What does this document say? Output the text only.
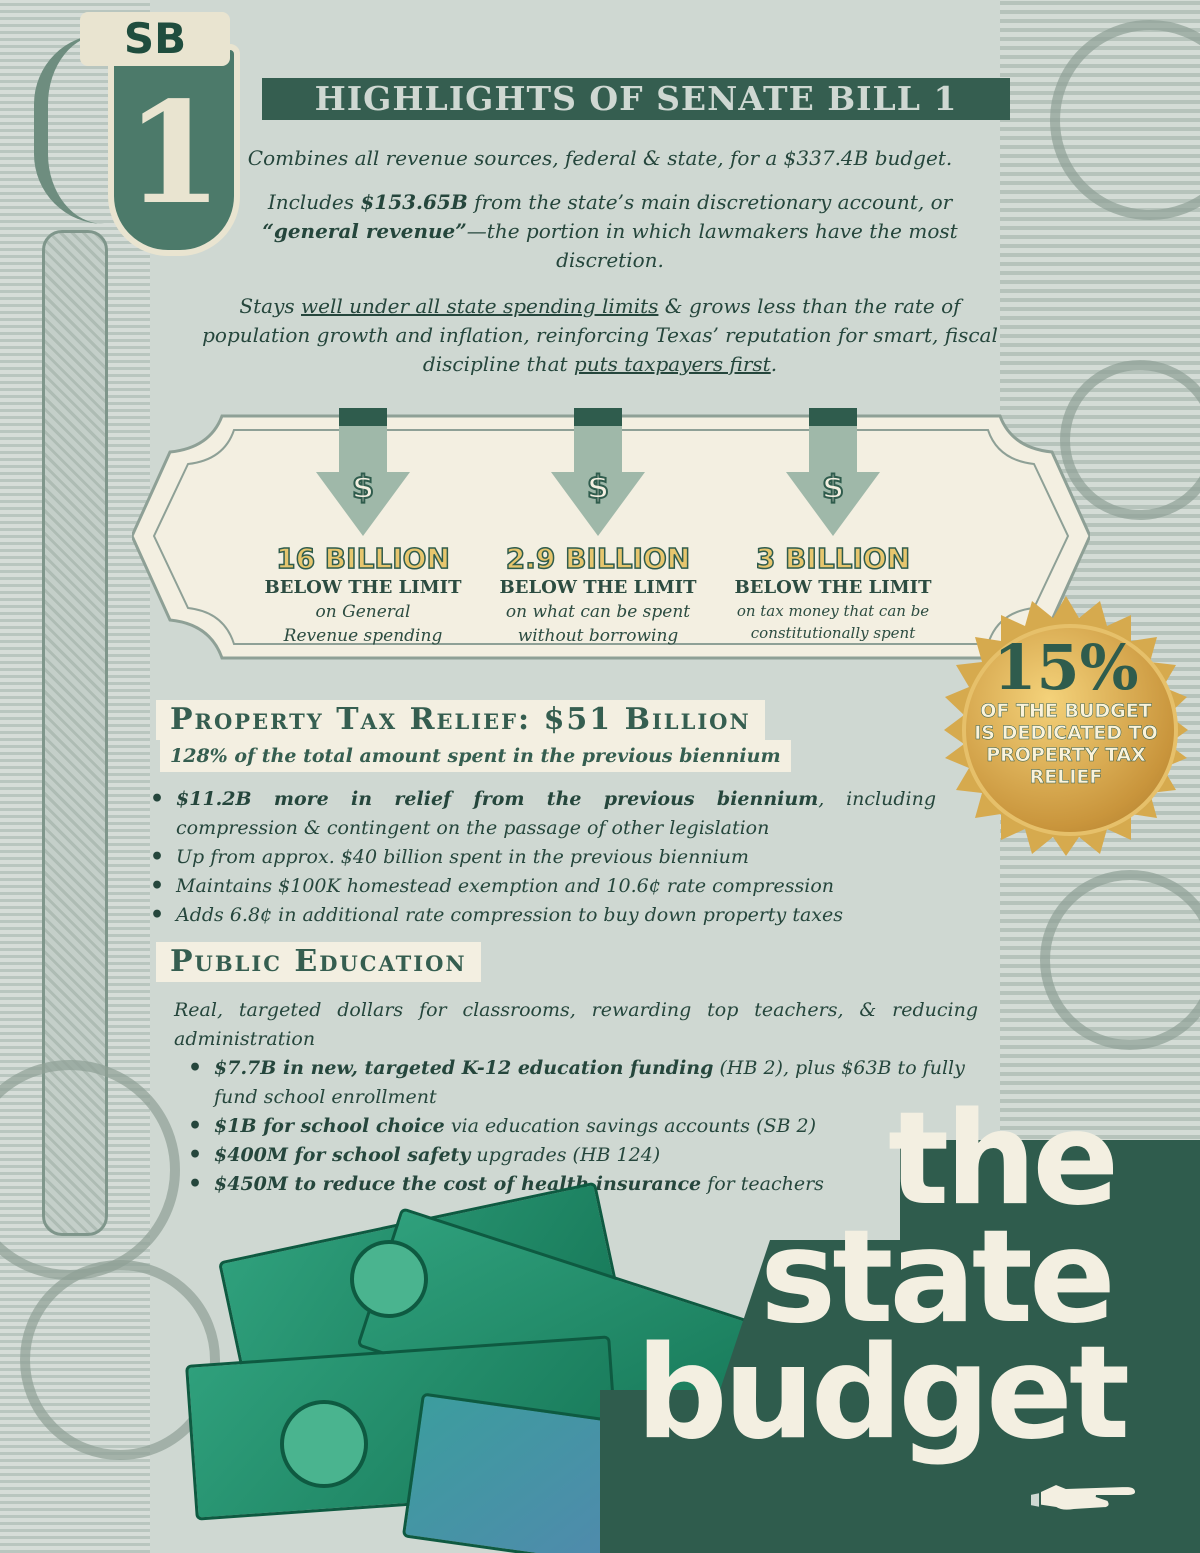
SB
1	HIGHLIGHTS OF SENATE BILL 1
Combines all revenue sources, federal & state, for a $337.4B budget.
Includes $153.65B from the state’s main discretionary account, or “general revenue”—the portion in which lawmakers have the most discretion.
Stays well under all state spending limits & grows less than the rate of population growth and inflation, reinforcing Texas’ reputation for smart, fiscal discipline that puts taxpayers first.
$	$	$
16 BILLION
BELOW THE LIMIT
on General Revenue spending
2.9 BILLION
BELOW THE LIMIT
on what can be spent without borrowing
3 BILLION
BELOW THE LIMIT
on tax money that can be constitutionally spent	15%
OF THE BUDGET IS DEDICATED TO PROPERTY TAX RELIEF
Property Tax Relief: $51 Billion
128% of the total amount spent in the previous biennium
• $11.2B more in relief from the previous biennium, including compression & contingent on the passage of other legislation
• Up from approx. $40 billion spent in the previous biennium
• Maintains $100K homestead exemption and 10.6¢ rate compression
• Adds 6.8¢ in additional rate compression to buy down property taxes
Public Education
Real, targeted dollars for classrooms, rewarding top teachers, & reducing administration
• $7.7B in new, targeted K-12 education funding (HB 2), plus $63B to fully fund school enrollment
• $1B for school choice via education savings accounts (SB 2)
• $400M for school safety upgrades (HB 124)
• $450M to reduce the cost of health insurance for teachers the
state
budget
